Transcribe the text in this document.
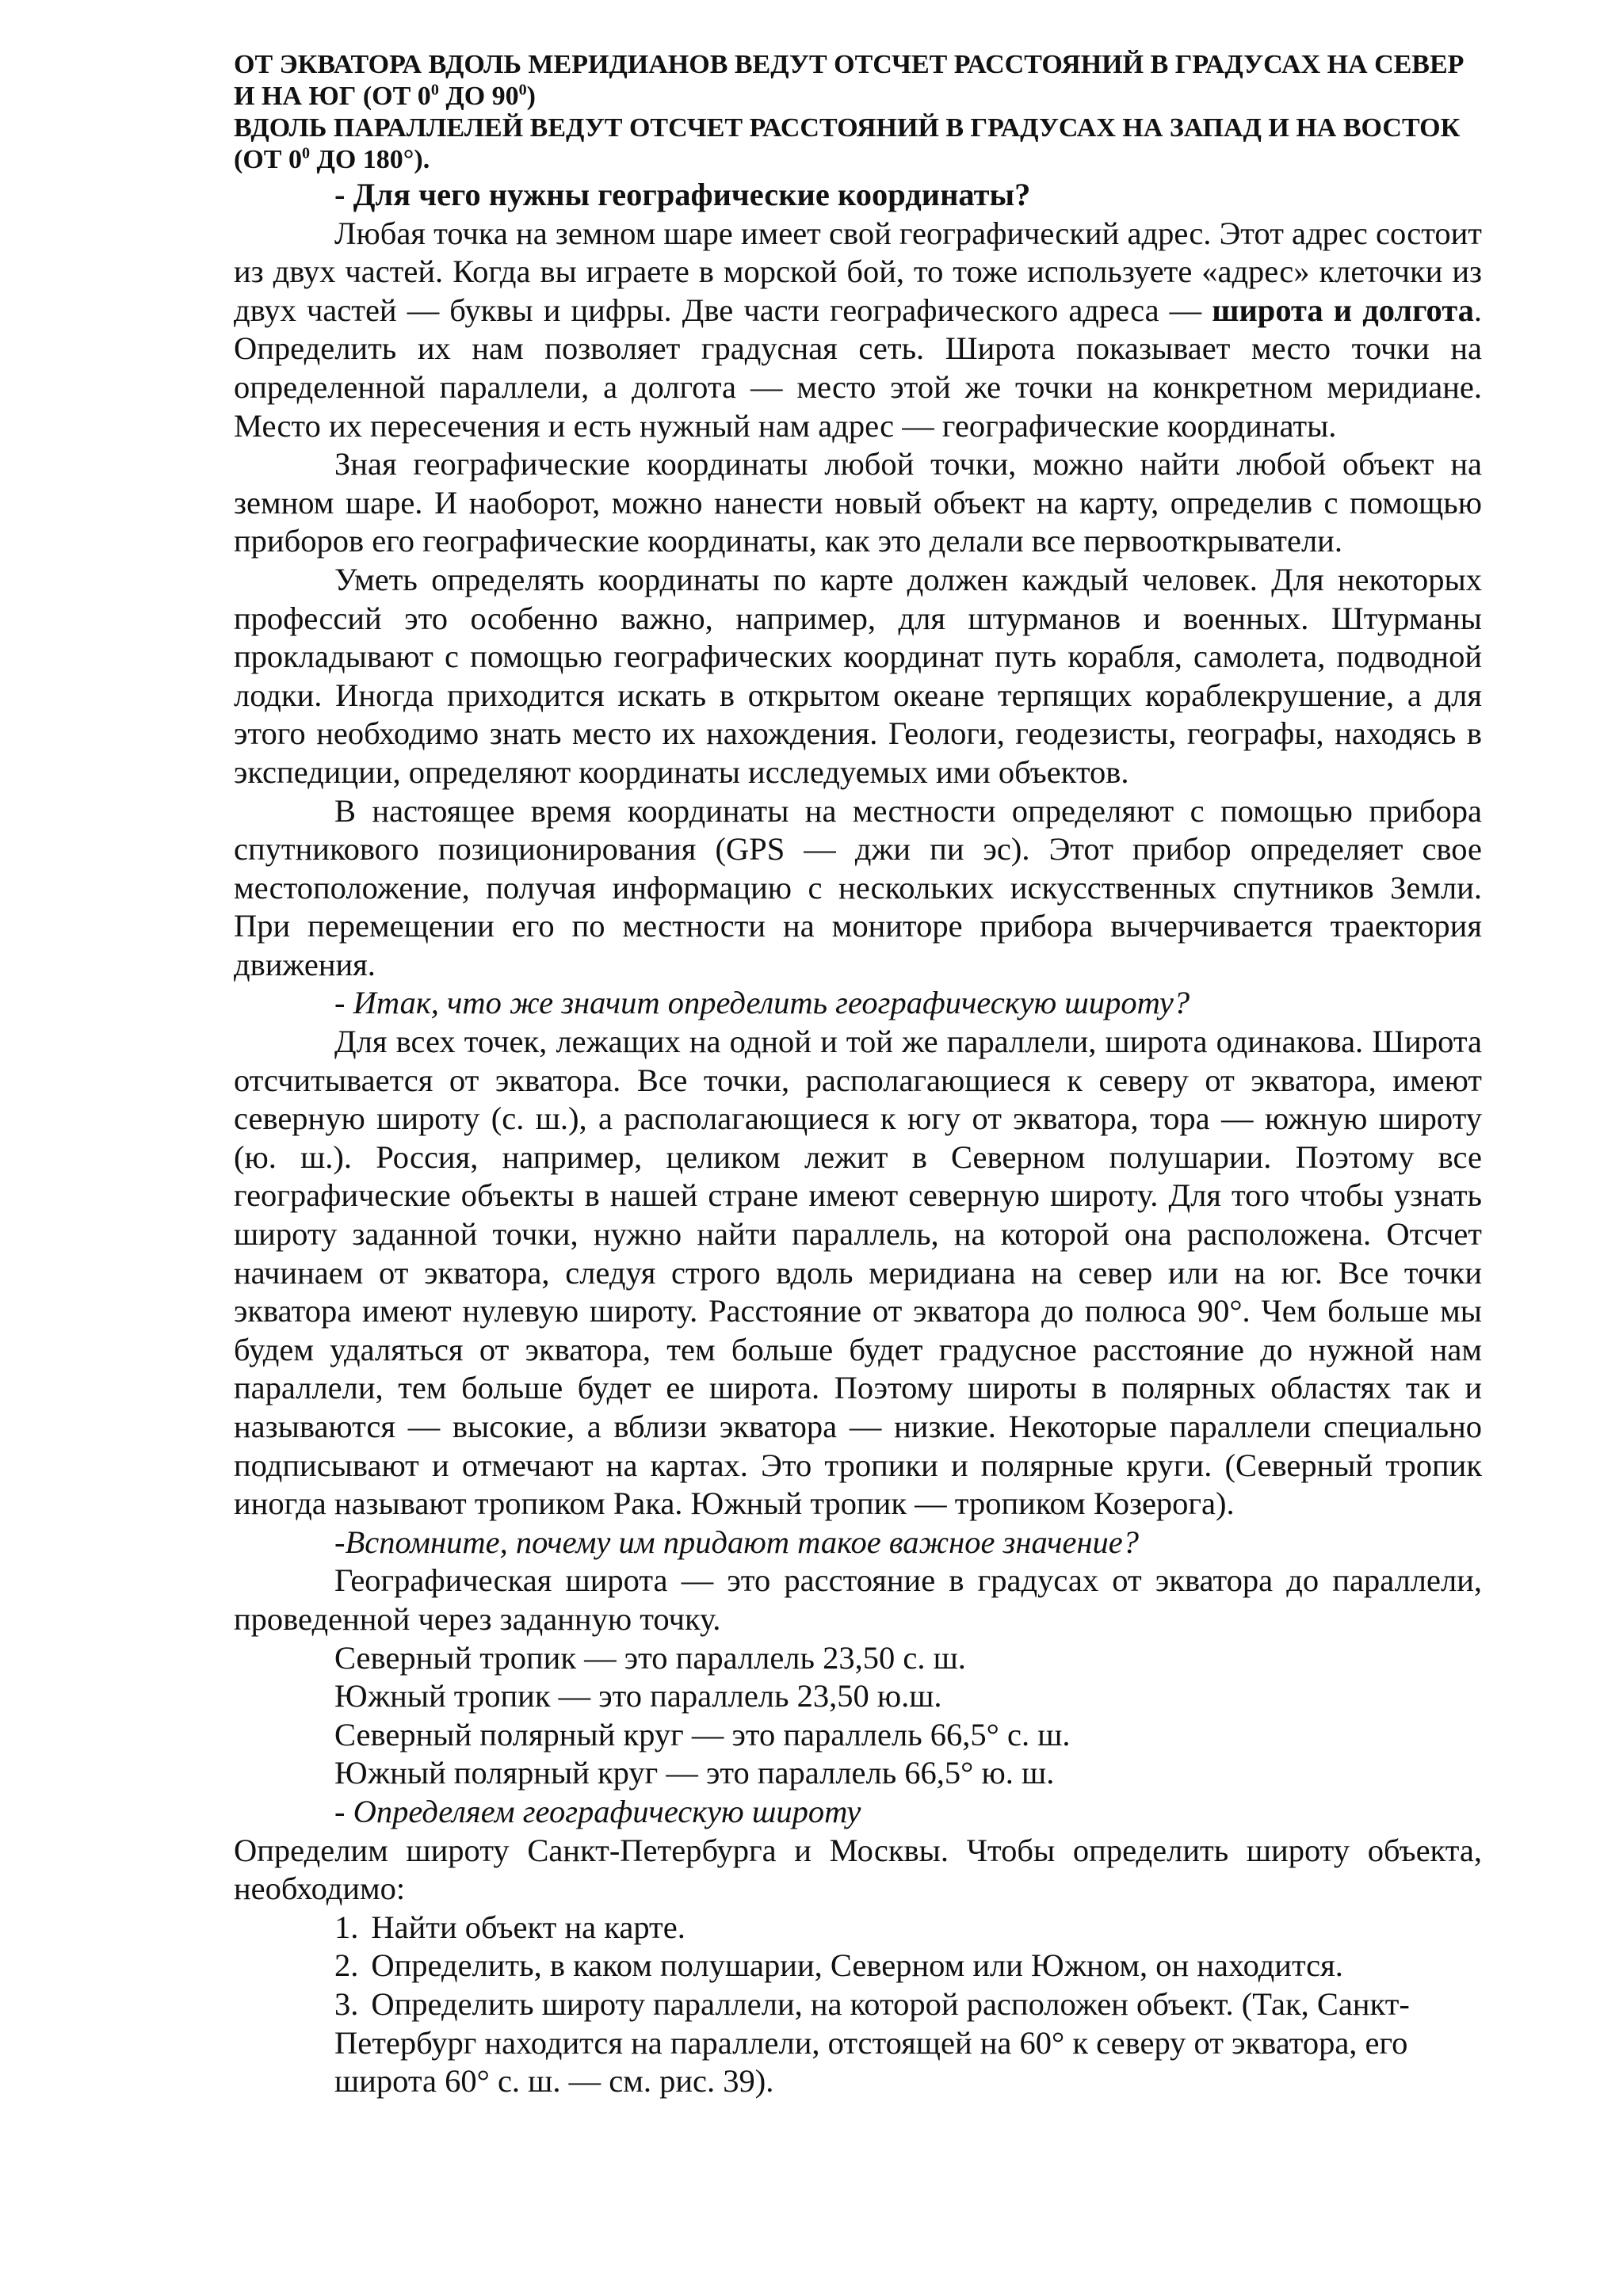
ОТ ЭКВАТОРА ВДОЛЬ МЕРИДИАНОВ ВЕДУТ ОТСЧЕТ РАССТОЯНИЙ В ГРАДУСАХ НА СЕВЕР И НА ЮГ (ОТ $0^0$ ДО $90^0$)
ВДОЛЬ ПАРАЛЛЕЛЕЙ ВЕДУТ ОТСЧЕТ РАССТОЯНИЙ В ГРАДУСАХ НА ЗАПАД И НА ВОСТОК (ОТ $0^0$ ДО 180°).

- Для чего нужны географические координаты?

Любая точка на земном шаре имеет свой географический адрес. Этот адрес состоит из двух частей. Когда вы играете в морской бой, то тоже используете «адрес» клеточки из двух частей — буквы и цифры. Две части географического адреса — широта и долгота. Определить их нам позволяет градусная сеть. Широта показывает место точки на определенной параллели, а долгота — место этой же точки на конкретном меридиане. Место их пересечения и есть нужный нам адрес — географические координаты.

Зная географические координаты любой точки, можно найти любой объект на земном шаре. И наоборот, можно нанести новый объект на карту, определив с помощью приборов его географические координаты, как это делали все первооткрыватели.

Уметь определять координаты по карте должен каждый человек. Для некоторых профессий это особенно важно, например, для штурманов и военных. Штурманы прокладывают с помощью географических координат путь корабля, самолета, подводной лодки. Иногда приходится искать в открытом океане терпящих кораблекрушение, а для этого необходимо знать место их нахождения. Геологи, геодезисты, географы, находясь в экспедиции, определяют координаты исследуемых ими объектов.

В настоящее время координаты на местности определяют с помощью прибора спутникового позиционирования (GPS — джи пи эс). Этот прибор определяет свое местоположение, получая информацию с нескольких искусственных спутников Земли. При перемещении его по местности на мониторе прибора вычерчивается траектория движения.

- Итак, что же значит определить географическую широту?

Для всех точек, лежащих на одной и той же параллели, широта одинакова. Широта отсчитывается от экватора. Все точки, располагающиеся к северу от экватора, имеют северную широту (с. ш.), а располагающиеся к югу от экватора, тора — южную широту (ю. ш.). Россия, например, целиком лежит в Северном полушарии. Поэтому все географические объекты в нашей стране имеют северную широту. Для того чтобы узнать широту заданной точки, нужно найти параллель, на которой она расположена. Отсчет начинаем от экватора, следуя строго вдоль меридиана на север или на юг. Все точки экватора имеют нулевую широту. Расстояние от экватора до полюса 90°. Чем больше мы будем удаляться от экватора, тем больше будет градусное расстояние до нужной нам параллели, тем больше будет ее широта. Поэтому широты в полярных областях так и называются — высокие, а вблизи экватора — низкие. Некоторые параллели специально подписывают и отмечают на картах. Это тропики и полярные круги. (Северный тропик иногда называют тропиком Рака. Южный тропик — тропиком Козерога).

-Вспомните, почему им придают такое важное значение?

Географическая широта — это расстояние в градусах от экватора до параллели, проведенной через заданную точку.

Северный тропик — это параллель 23,50 с. ш.

Южный тропик — это параллель 23,50 ю.ш.

Северный полярный круг — это параллель 66,5° с. ш.

Южный полярный круг — это параллель 66,5° ю. ш.

- Определяем географическую широту

Определим широту Санкт-Петербурга и Москвы. Чтобы определить широту объекта, необходимо:

1. Найти объект на карте.
2. Определить, в каком полушарии, Северном или Южном, он находится.
3. Определить широту параллели, на которой расположен объект. (Так, Санкт-Петербург находится на параллели, отстоящей на 60° к северу от экватора, его широта 60° с. ш. — см. рис. 39).
